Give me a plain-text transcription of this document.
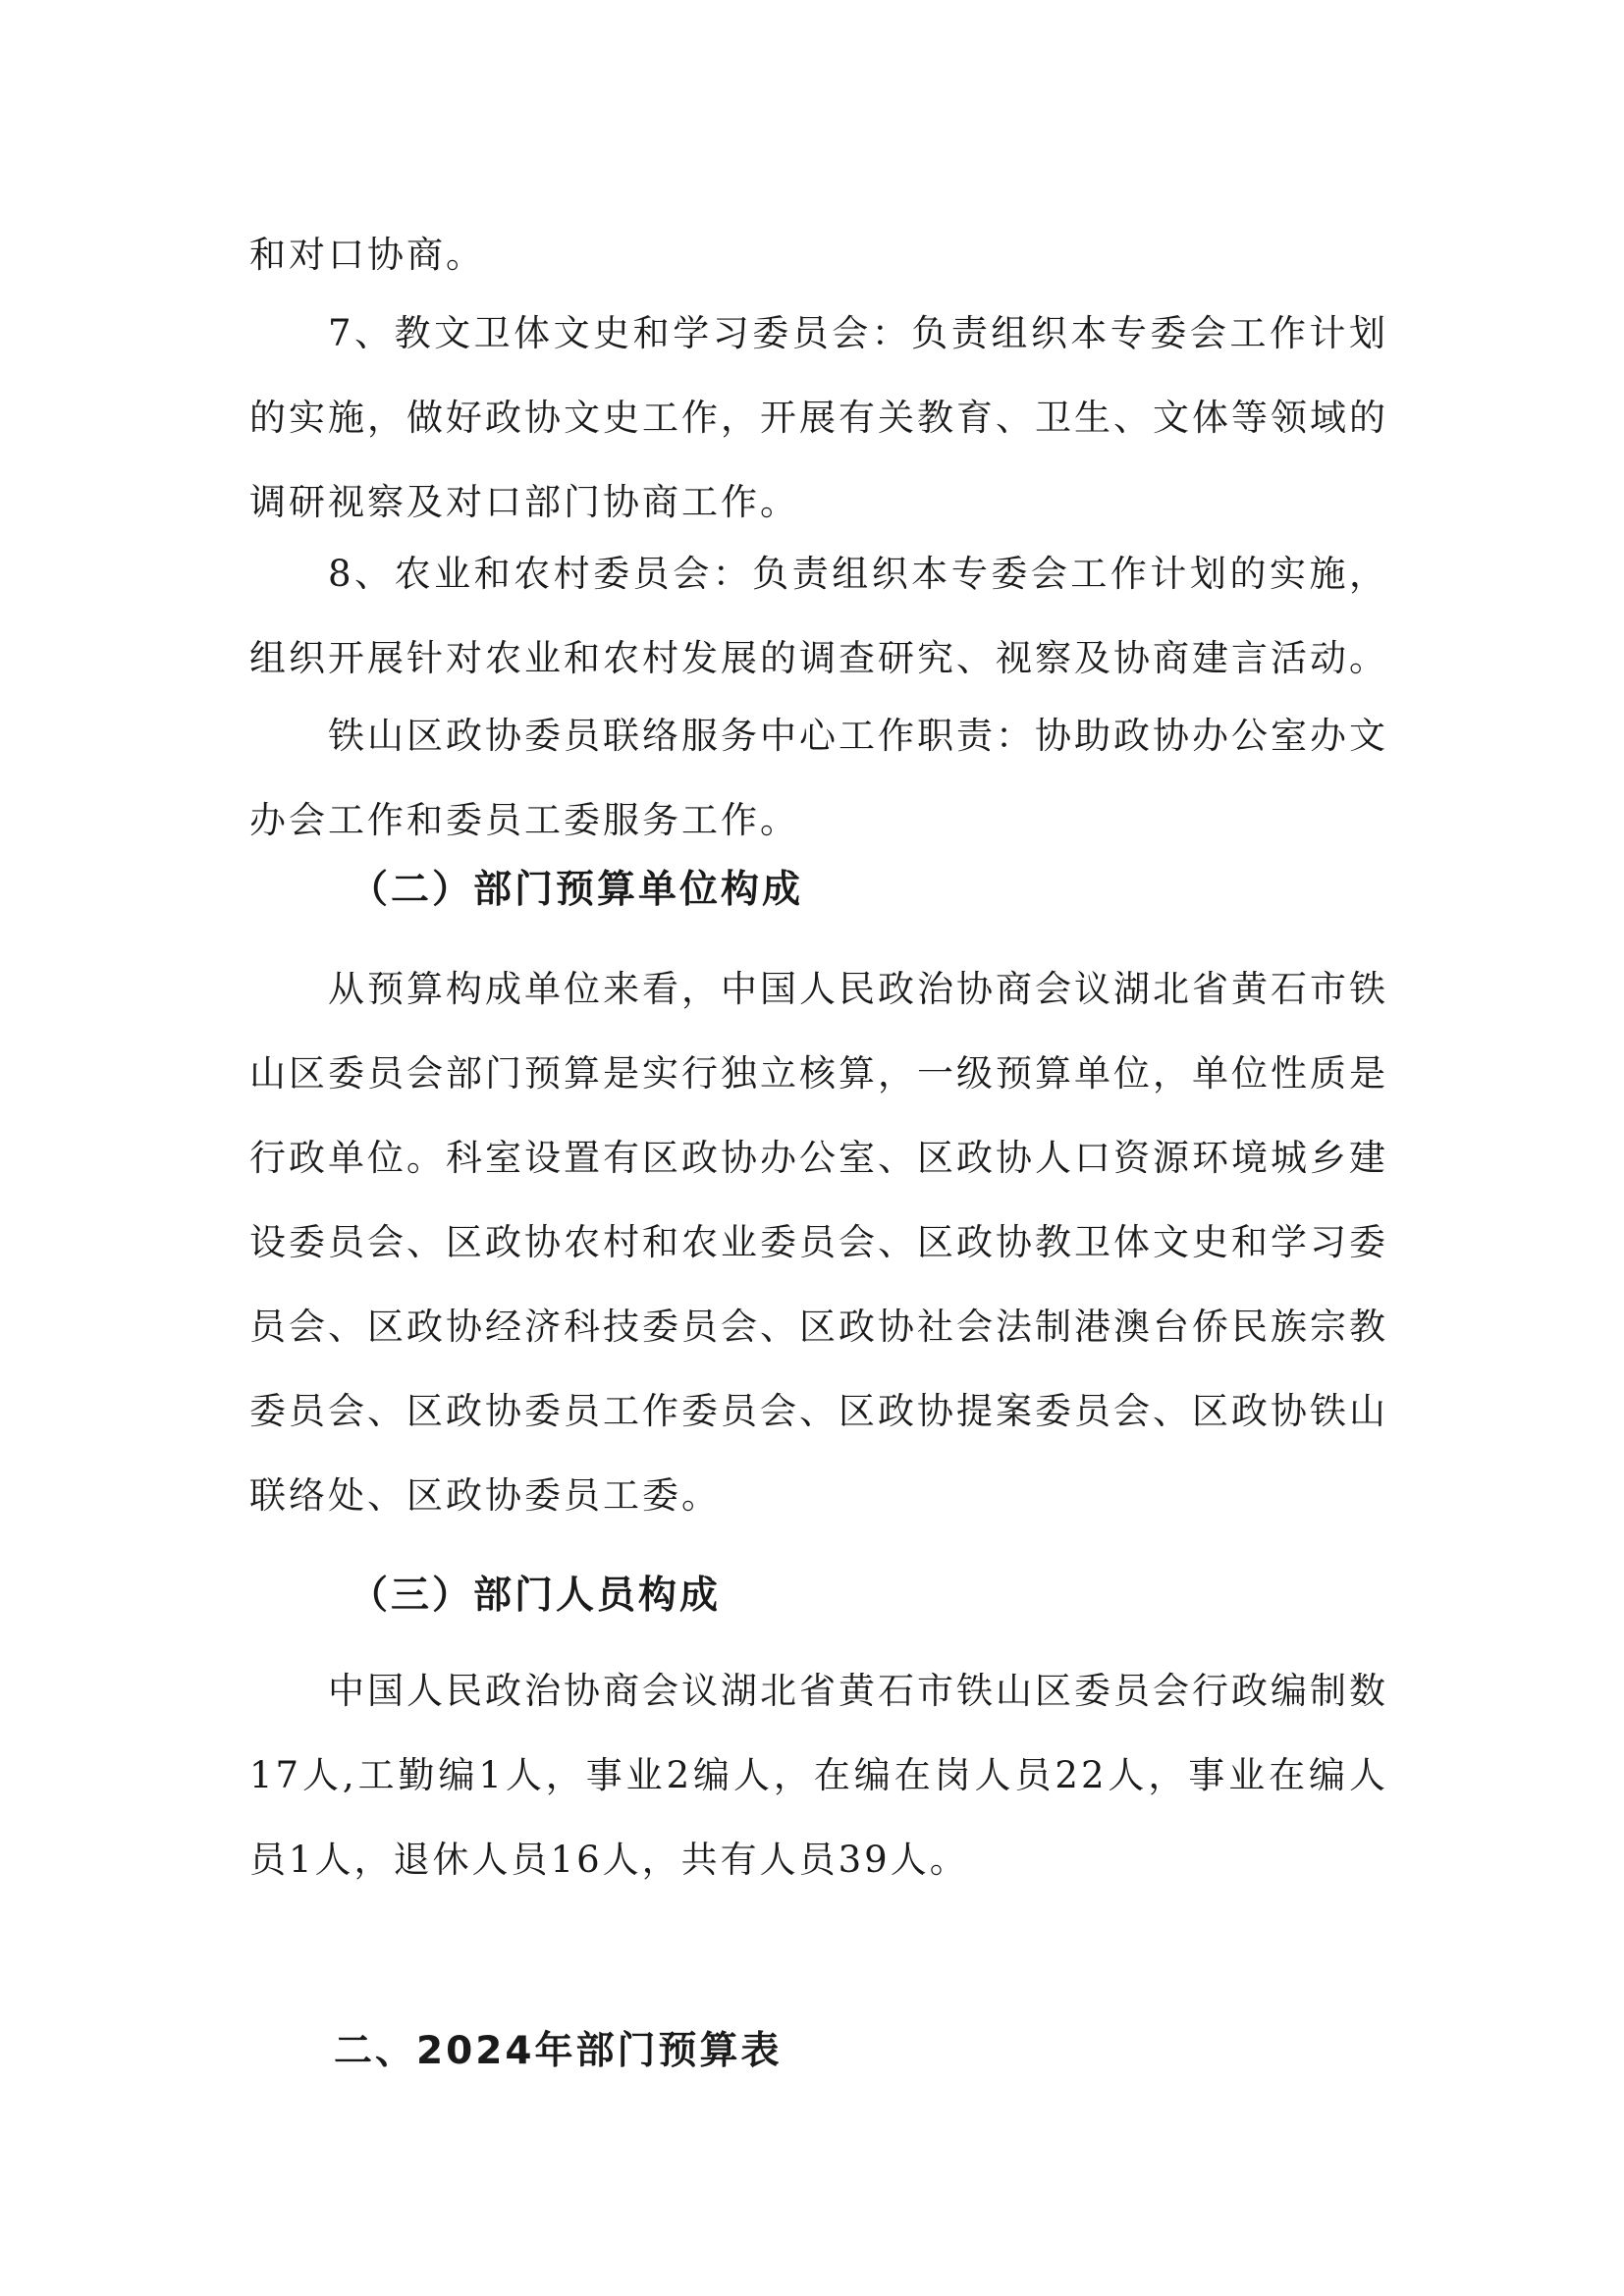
和对口协商。

7、教文卫体文史和学习委员会：负责组织本专委会工作计划的实施，做好政协文史工作，开展有关教育、卫生、文体等领域的调研视察及对口部门协商工作。

8、农业和农村委员会：负责组织本专委会工作计划的实施，组织开展针对农业和农村发展的调查研究、视察及协商建言活动。

铁山区政协委员联络服务中心工作职责：协助政协办公室办文办会工作和委员工委服务工作。

（二）部门预算单位构成

从预算构成单位来看，中国人民政治协商会议湖北省黄石市铁山区委员会部门预算是实行独立核算，一级预算单位，单位性质是行政单位。科室设置有区政协办公室、区政协人口资源环境城乡建设委员会、区政协农村和农业委员会、区政协教卫体文史和学习委员会、区政协经济科技委员会、区政协社会法制港澳台侨民族宗教委员会、区政协委员工作委员会、区政协提案委员会、区政协铁山联络处、区政协委员工委。

（三）部门人员构成

中国人民政治协商会议湖北省黄石市铁山区委员会行政编制数17人,工勤编1人，事业2编人，在编在岗人员22人，事业在编人员1人，退休人员16人，共有人员39人。

二、2024年部门预算表
